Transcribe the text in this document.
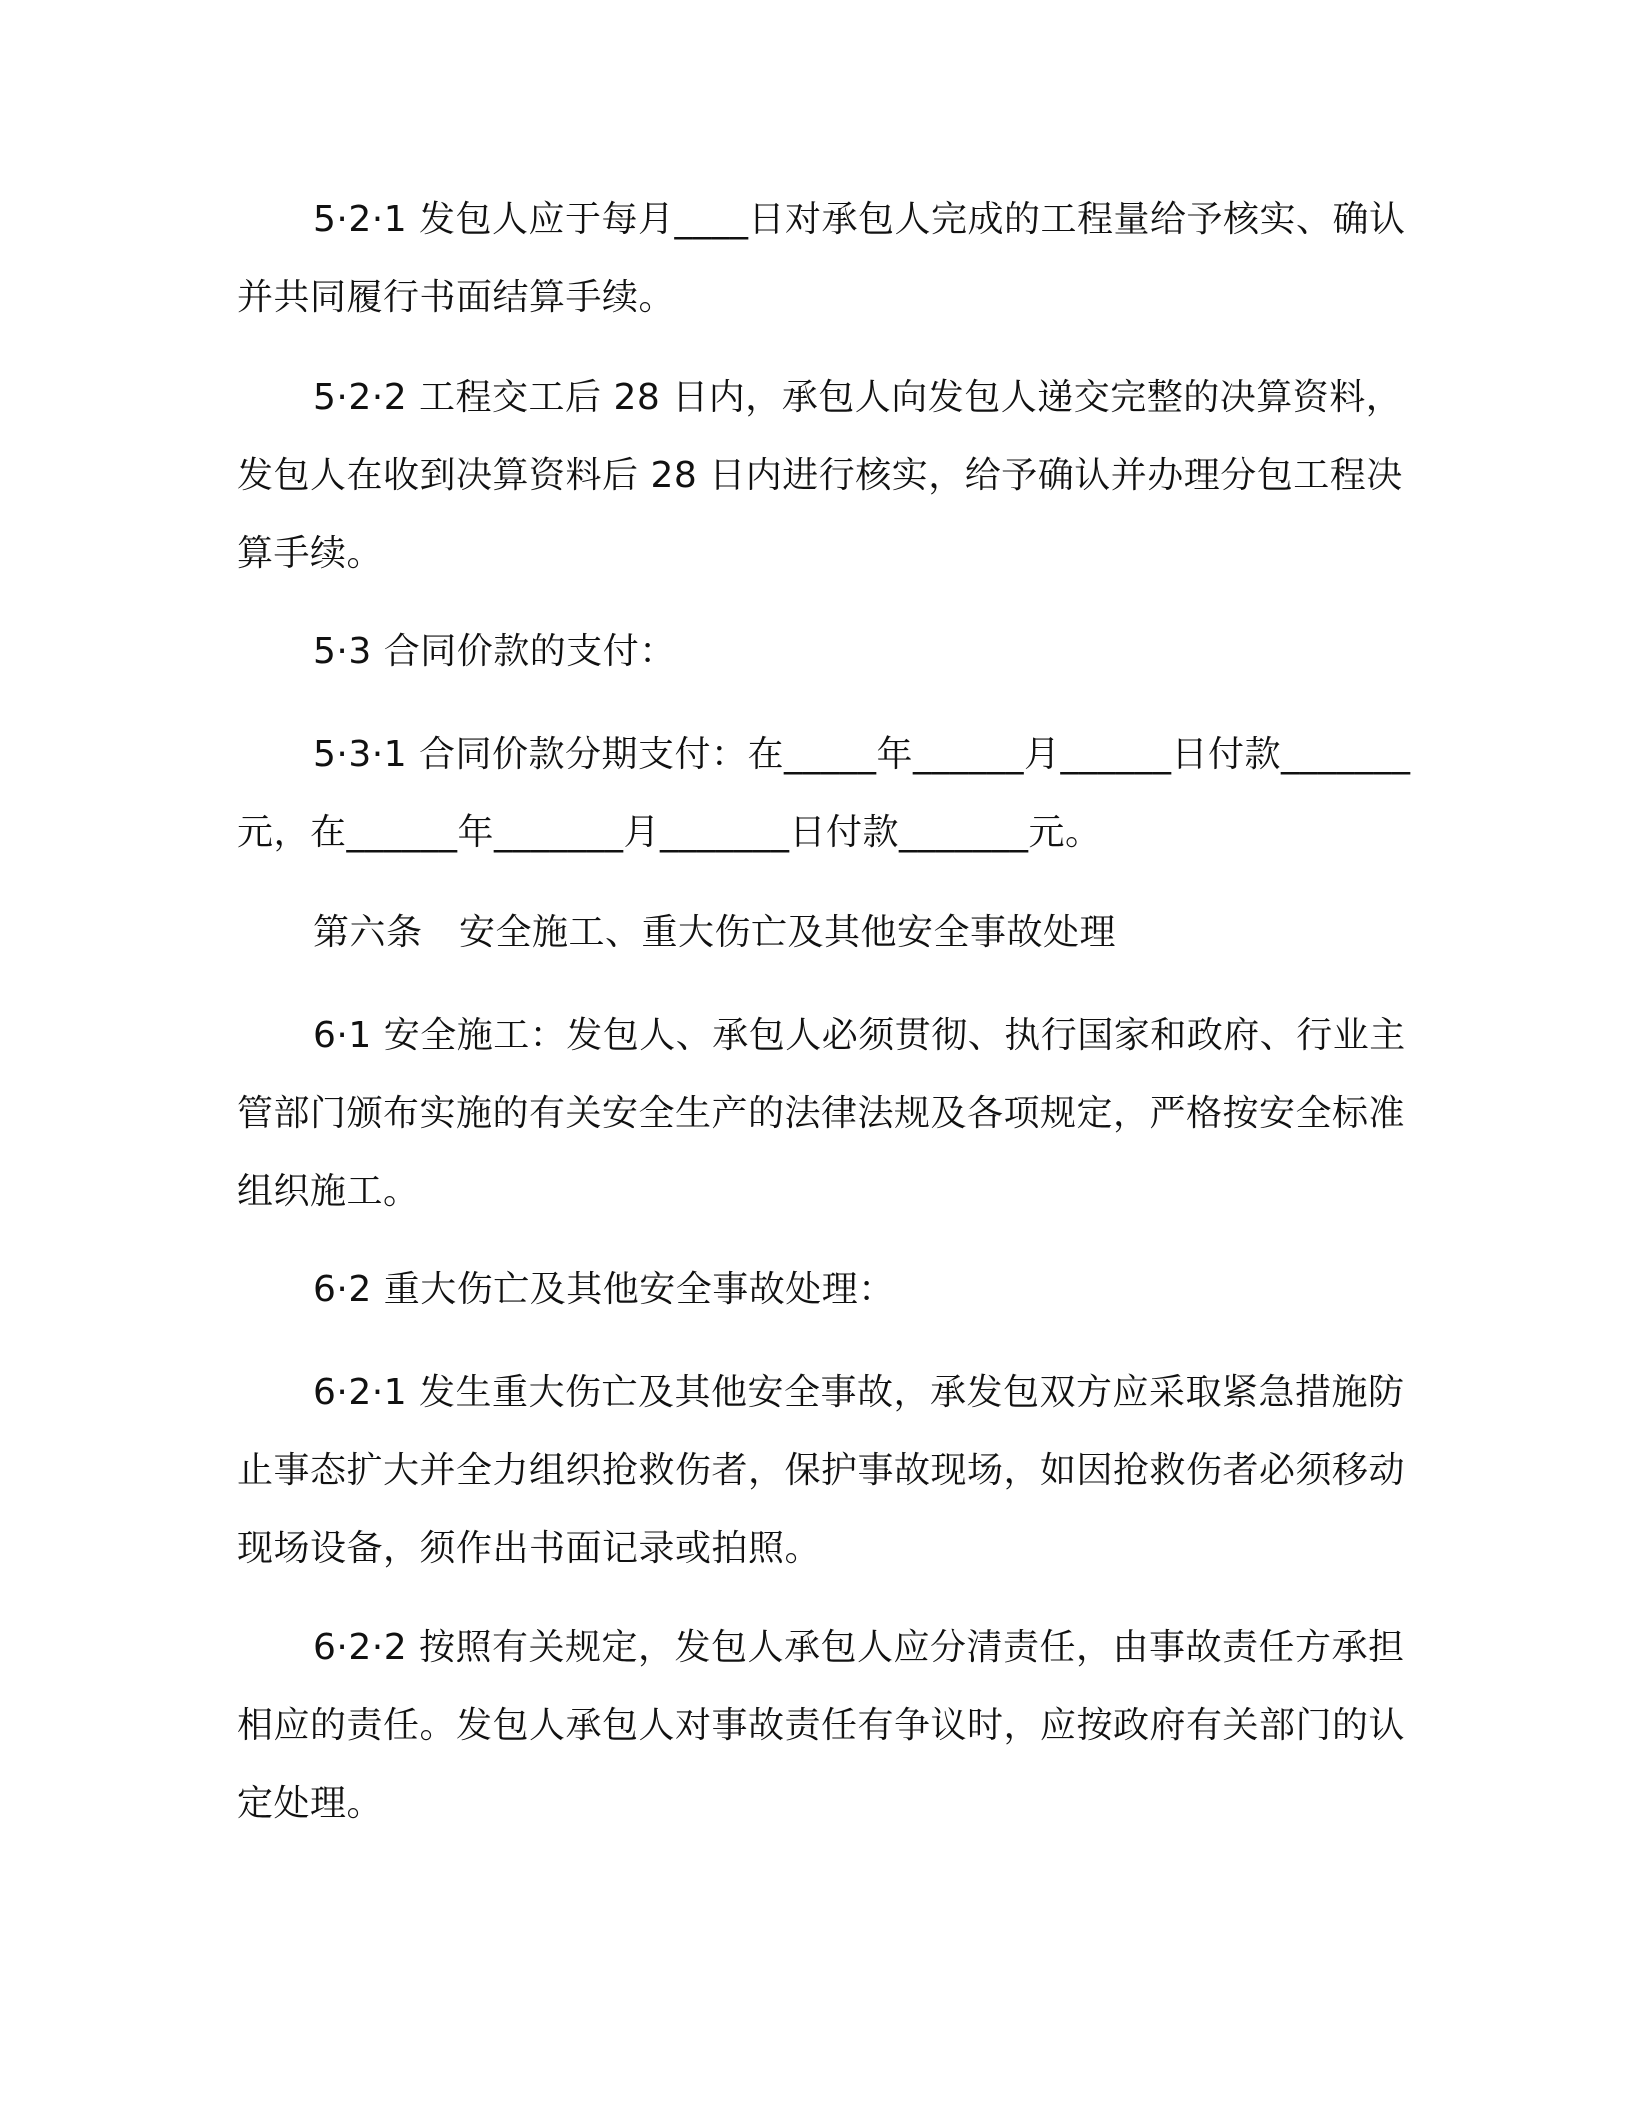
5·2·1 发包人应于每月____日对承包人完成的工程量给予核实、确认并共同履行书面结算手续。

5·2·2 工程交工后 28 日内，承包人向发包人递交完整的决算资料，发包人在收到决算资料后 28 日内进行核实，给予确认并办理分包工程决算手续。

5·3 合同价款的支付：

5·3·1 合同价款分期支付：在_____年______月______日付款_______元，在______年_______月_______日付款_______元。

第六条　安全施工、重大伤亡及其他安全事故处理

6·1 安全施工：发包人、承包人必须贯彻、执行国家和政府、行业主管部门颁布实施的有关安全生产的法律法规及各项规定，严格按安全标准组织施工。

6·2 重大伤亡及其他安全事故处理：

6·2·1 发生重大伤亡及其他安全事故，承发包双方应采取紧急措施防止事态扩大并全力组织抢救伤者，保护事故现场，如因抢救伤者必须移动现场设备，须作出书面记录或拍照。

6·2·2 按照有关规定，发包人承包人应分清责任，由事故责任方承担相应的责任。发包人承包人对事故责任有争议时，应按政府有关部门的认定处理。
